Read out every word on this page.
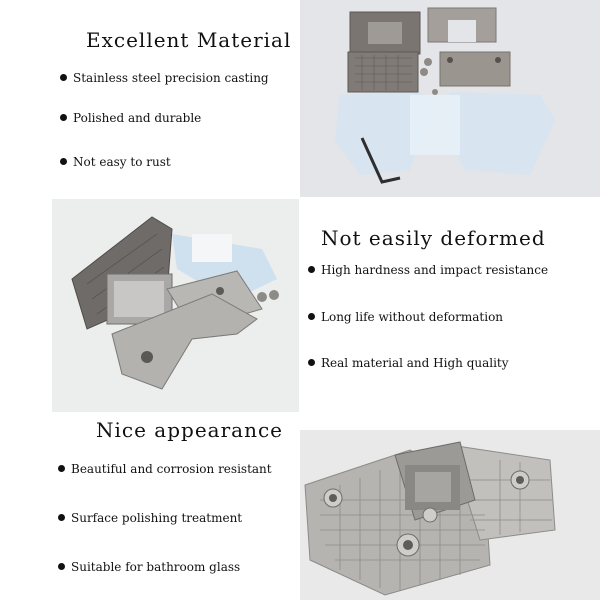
Excellent Material
Stainless steel precision casting
Polished and durable
Not easy to rust
Not easily deformed
High hardness and impact resistance
Long life without deformation
Real material and High quality
Nice appearance
Beautiful and corrosion resistant
Surface polishing treatment
Suitable for bathroom glass
